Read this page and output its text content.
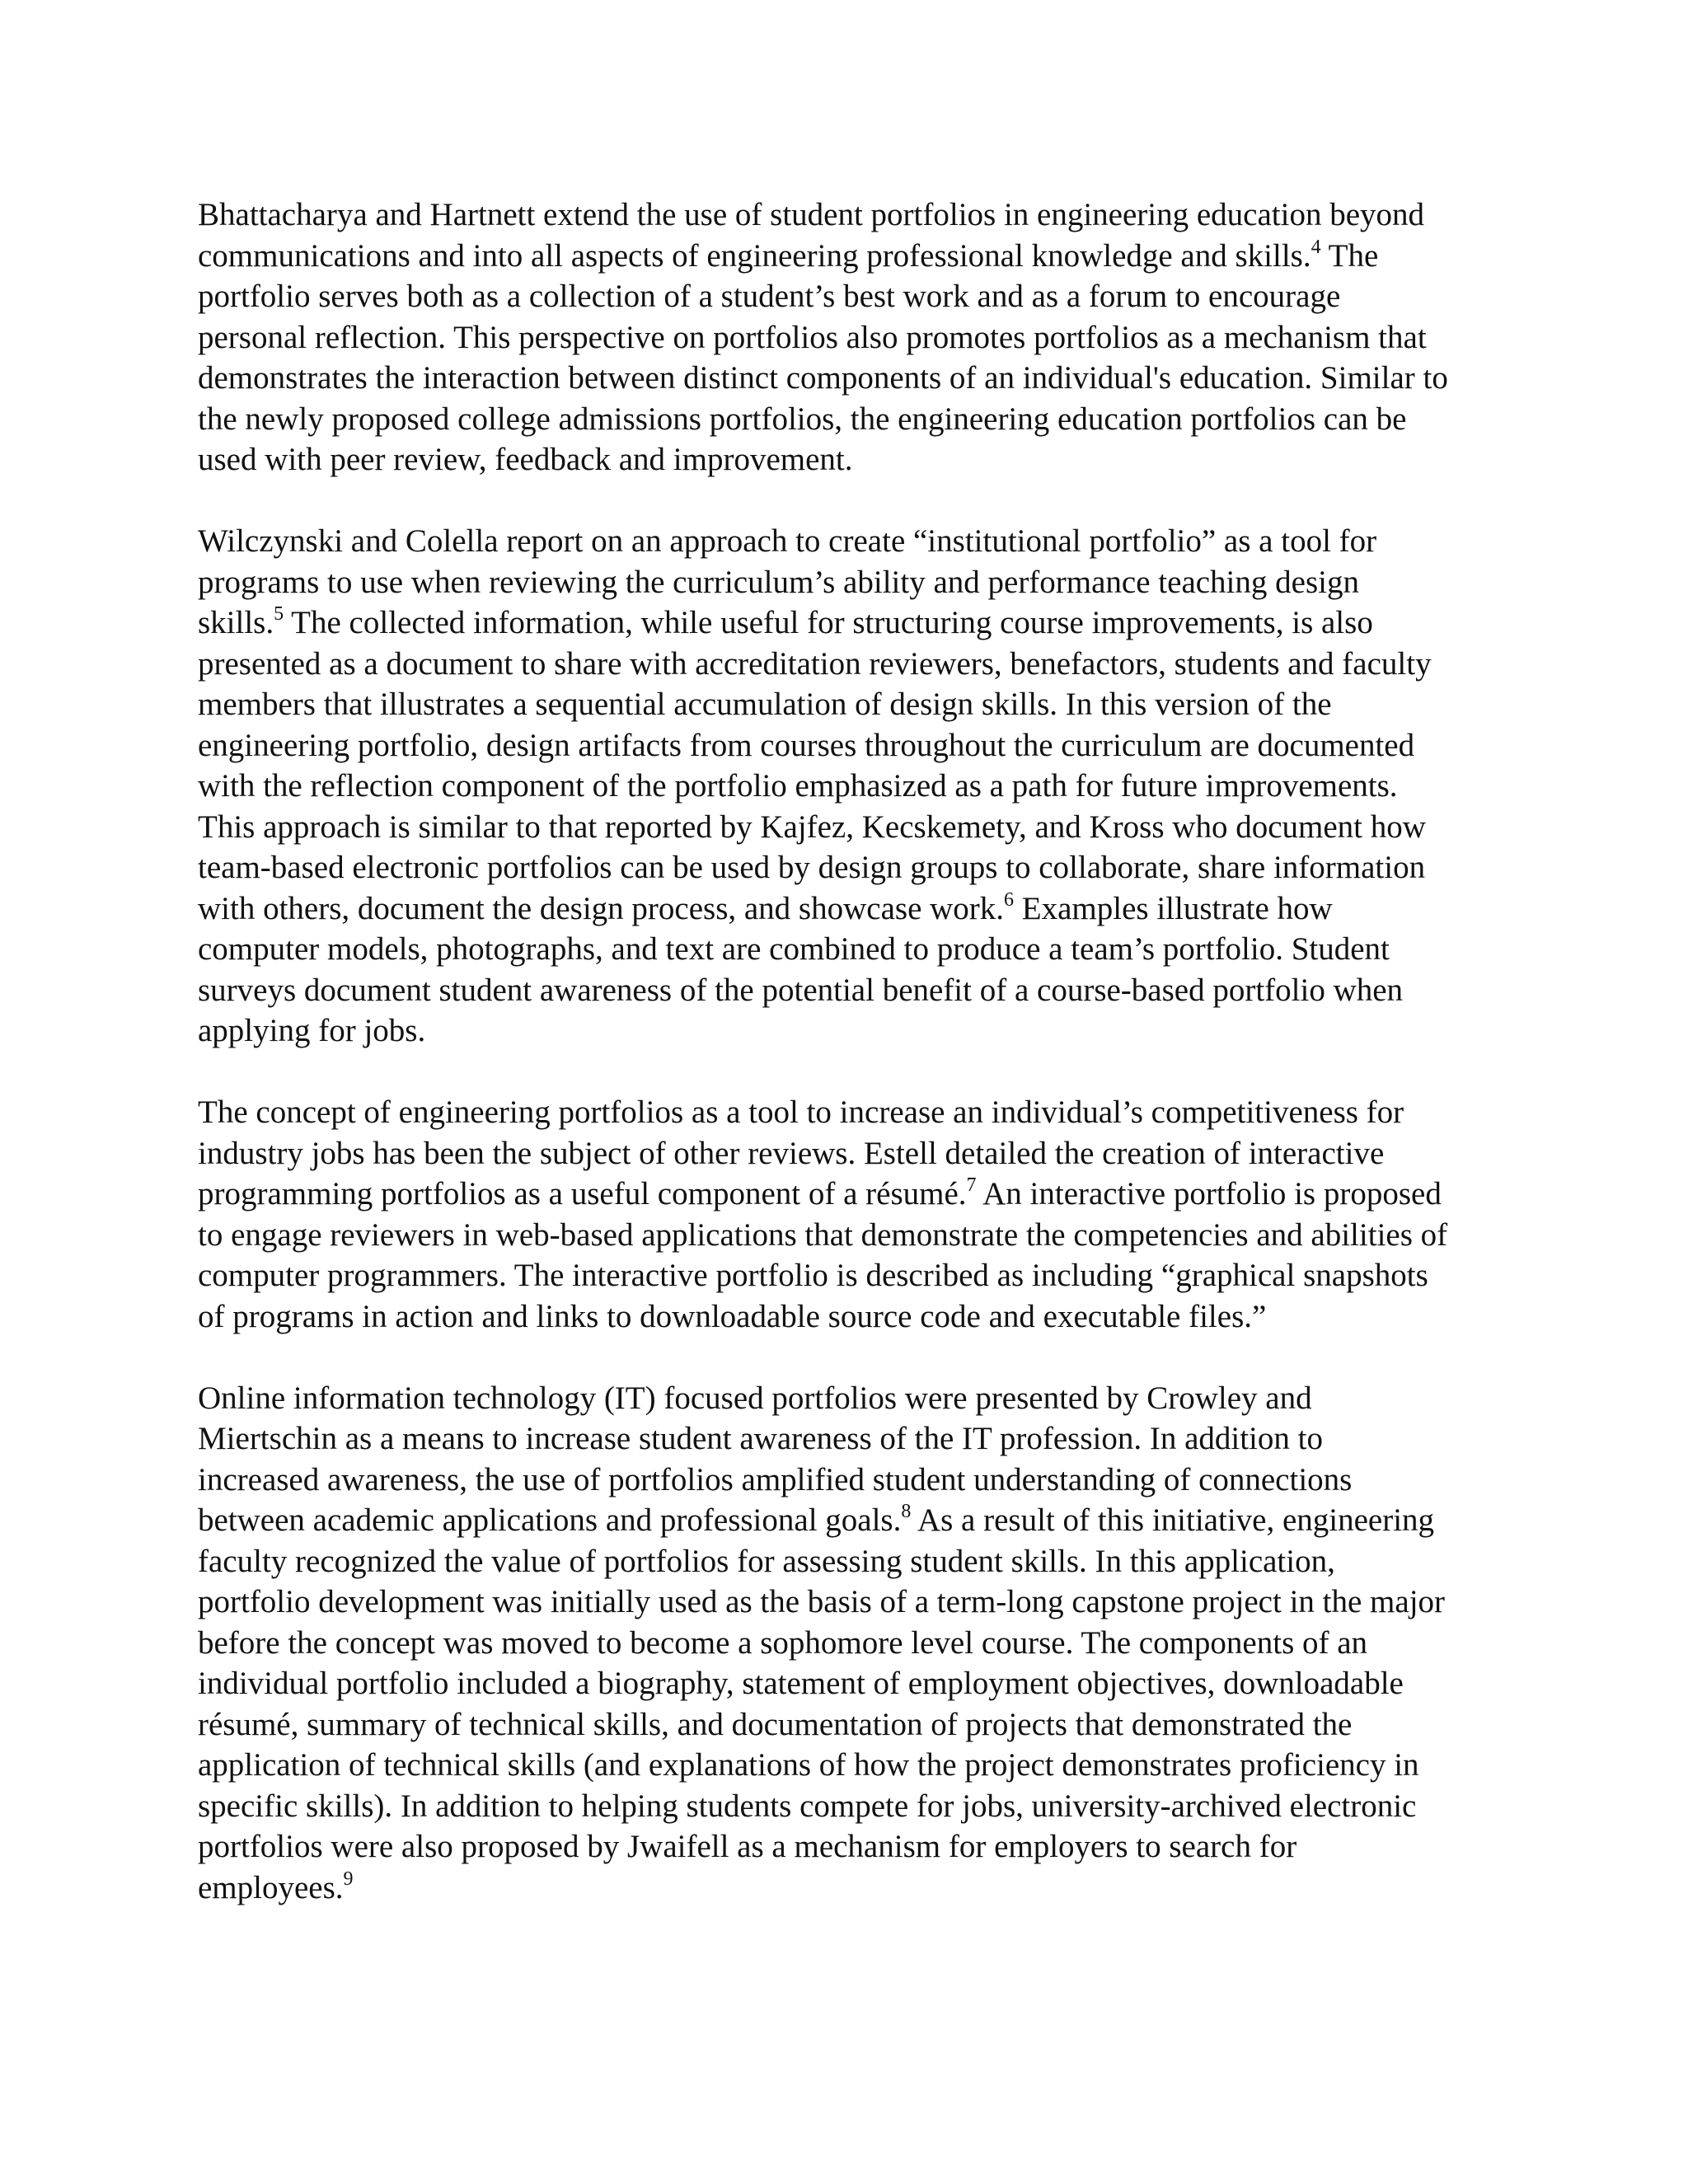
Bhattacharya and Hartnett extend the use of student portfolios in engineering education beyond
communications and into all aspects of engineering professional knowledge and skills.$^4$ The
portfolio serves both as a collection of a student’s best work and as a forum to encourage
personal reflection. This perspective on portfolios also promotes portfolios as a mechanism that
demonstrates the interaction between distinct components of an individual's education. Similar to
the newly proposed college admissions portfolios, the engineering education portfolios can be
used with peer review, feedback and improvement.
Wilczynski and Colella report on an approach to create “institutional portfolio” as a tool for
programs to use when reviewing the curriculum’s ability and performance teaching design
skills.$^5$ The collected information, while useful for structuring course improvements, is also
presented as a document to share with accreditation reviewers, benefactors, students and faculty
members that illustrates a sequential accumulation of design skills. In this version of the
engineering portfolio, design artifacts from courses throughout the curriculum are documented
with the reflection component of the portfolio emphasized as a path for future improvements.
This approach is similar to that reported by Kajfez, Kecskemety, and Kross who document how
team-based electronic portfolios can be used by design groups to collaborate, share information
with others, document the design process, and showcase work.$^6$ Examples illustrate how
computer models, photographs, and text are combined to produce a team’s portfolio. Student
surveys document student awareness of the potential benefit of a course-based portfolio when
applying for jobs.
The concept of engineering portfolios as a tool to increase an individual’s competitiveness for
industry jobs has been the subject of other reviews. Estell detailed the creation of interactive
programming portfolios as a useful component of a résumé.$^7$ An interactive portfolio is proposed
to engage reviewers in web-based applications that demonstrate the competencies and abilities of
computer programmers. The interactive portfolio is described as including “graphical snapshots
of programs in action and links to downloadable source code and executable files.”
Online information technology (IT) focused portfolios were presented by Crowley and
Miertschin as a means to increase student awareness of the IT profession. In addition to
increased awareness, the use of portfolios amplified student understanding of connections
between academic applications and professional goals.$^8$ As a result of this initiative, engineering
faculty recognized the value of portfolios for assessing student skills. In this application,
portfolio development was initially used as the basis of a term-long capstone project in the major
before the concept was moved to become a sophomore level course. The components of an
individual portfolio included a biography, statement of employment objectives, downloadable
résumé, summary of technical skills, and documentation of projects that demonstrated the
application of technical skills (and explanations of how the project demonstrates proficiency in
specific skills). In addition to helping students compete for jobs, university-archived electronic
portfolios were also proposed by Jwaifell as a mechanism for employers to search for
employees.$^9$
